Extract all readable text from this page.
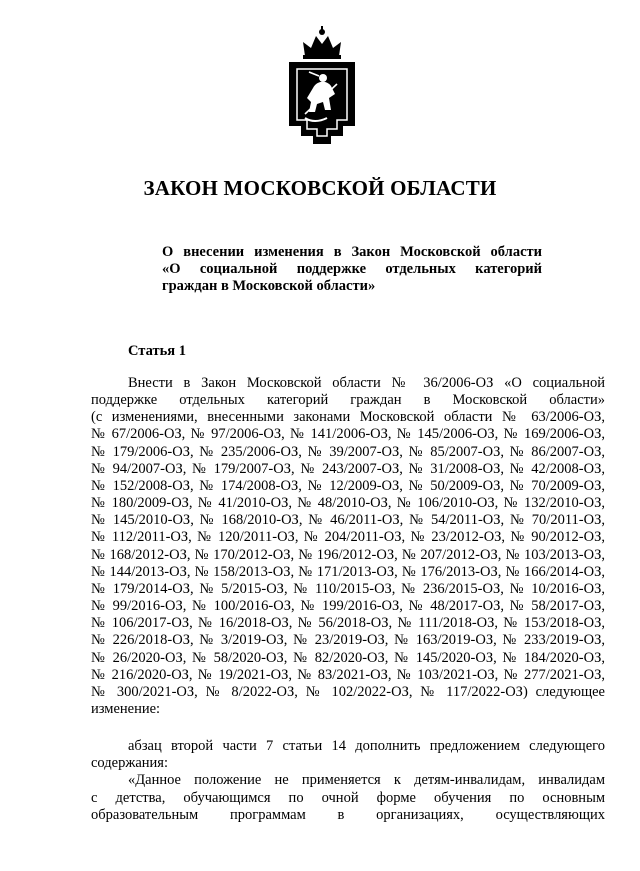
ЗАКОН МОСКОВСКОЙ ОБЛАСТИ
О внесении изменения в Закон Московской области
«О социальной поддержке отдельных категорий
граждан в Московской области»
Статья 1
Внести в Закон Московской области № 36/2006-ОЗ «О социальной
поддержке отдельных категорий граждан в Московской области»
(с изменениями, внесенными законами Московской области № 63/2006-ОЗ,
№ 67/2006-ОЗ, № 97/2006-ОЗ, № 141/2006-ОЗ, № 145/2006-ОЗ, № 169/2006-ОЗ,
№ 179/2006-ОЗ, № 235/2006-ОЗ, № 39/2007-ОЗ, № 85/2007-ОЗ, № 86/2007-ОЗ,
№ 94/2007-ОЗ, № 179/2007-ОЗ, № 243/2007-ОЗ, № 31/2008-ОЗ, № 42/2008-ОЗ,
№ 152/2008-ОЗ, № 174/2008-ОЗ, № 12/2009-ОЗ, № 50/2009-ОЗ, № 70/2009-ОЗ,
№ 180/2009-ОЗ, № 41/2010-ОЗ, № 48/2010-ОЗ, № 106/2010-ОЗ, № 132/2010-ОЗ,
№ 145/2010-ОЗ, № 168/2010-ОЗ, № 46/2011-ОЗ, № 54/2011-ОЗ, № 70/2011-ОЗ,
№ 112/2011-ОЗ, № 120/2011-ОЗ, № 204/2011-ОЗ, № 23/2012-ОЗ, № 90/2012-ОЗ,
№ 168/2012-ОЗ, № 170/2012-ОЗ, № 196/2012-ОЗ, № 207/2012-ОЗ, № 103/2013-ОЗ,
№ 144/2013-ОЗ, № 158/2013-ОЗ, № 171/2013-ОЗ, № 176/2013-ОЗ, № 166/2014-ОЗ,
№ 179/2014-ОЗ, № 5/2015-ОЗ, № 110/2015-ОЗ, № 236/2015-ОЗ, № 10/2016-ОЗ,
№ 99/2016-ОЗ, № 100/2016-ОЗ, № 199/2016-ОЗ, № 48/2017-ОЗ, № 58/2017-ОЗ,
№ 106/2017-ОЗ, № 16/2018-ОЗ, № 56/2018-ОЗ, № 111/2018-ОЗ, № 153/2018-ОЗ,
№ 226/2018-ОЗ, № 3/2019-ОЗ, № 23/2019-ОЗ, № 163/2019-ОЗ, № 233/2019-ОЗ,
№ 26/2020-ОЗ, № 58/2020-ОЗ, № 82/2020-ОЗ, № 145/2020-ОЗ, № 184/2020-ОЗ,
№ 216/2020-ОЗ, № 19/2021-ОЗ, № 83/2021-ОЗ, № 103/2021-ОЗ, № 277/2021-ОЗ,
№ 300/2021-ОЗ, № 8/2022-ОЗ, № 102/2022-ОЗ, № 117/2022-ОЗ) следующее
изменение:
абзац второй части 7 статьи 14 дополнить предложением следующего
содержания:
«Данное положение не применяется к детям-инвалидам, инвалидам
с детства, обучающимся по очной форме обучения по основным
образовательным программам в организациях, осуществляющих
